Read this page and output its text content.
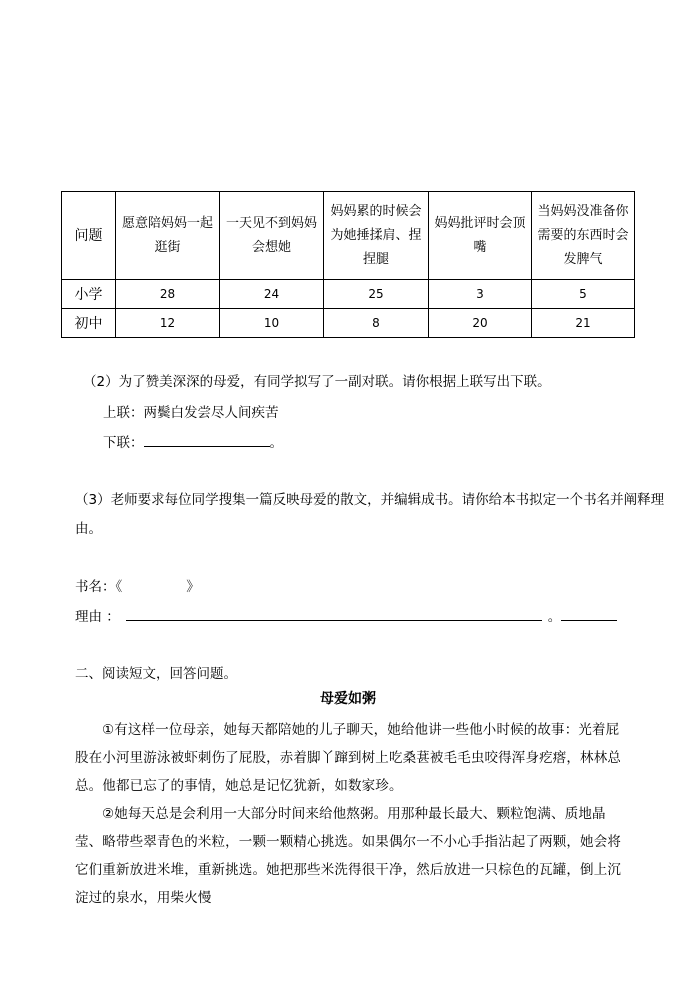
问题	愿意陪妈妈一起逛街	一天见不到妈妈会想她	妈妈累的时候会为她捶揉肩、捏捏腿	妈妈批评时会顶嘴	当妈妈没准备你需要的东西时会发脾气
小学	28	24	25	3	5
初中	12	10	8	20	21
（2）为了赞美深深的母爱，有同学拟写了一副对联。请你根据上联写出下联。
上联：两鬓白发尝尽人间疾苦
下联：	。
（3）老师要求每位同学搜集一篇反映母爱的散文，并编辑成书。请你给本书拟定一个书名并阐释理
由。
书名：《	》
理由 ：	。
二、阅读短文，回答问题。
母爱如粥
①有这样一位母亲，她每天都陪她的儿子聊天，她给他讲一些他小时候的故事：光着屁股在小河里游泳被虾刺伤了屁股，赤着脚丫蹿到树上吃桑葚被毛毛虫咬得浑身疙瘩，林林总总。他都已忘了的事情，她总是记忆犹新，如数家珍。
②她每天总是会利用一大部分时间来给他熬粥。用那种最长最大、颗粒饱满、质地晶莹、略带些翠青色的米粒，一颗一颗精心挑选。如果偶尔一不小心手指沾起了两颗，她会将它们重新放进米堆，重新挑选。她把那些米洗得很干净，然后放进一只棕色的瓦罐，倒上沉淀过的泉水，用柴火慢
